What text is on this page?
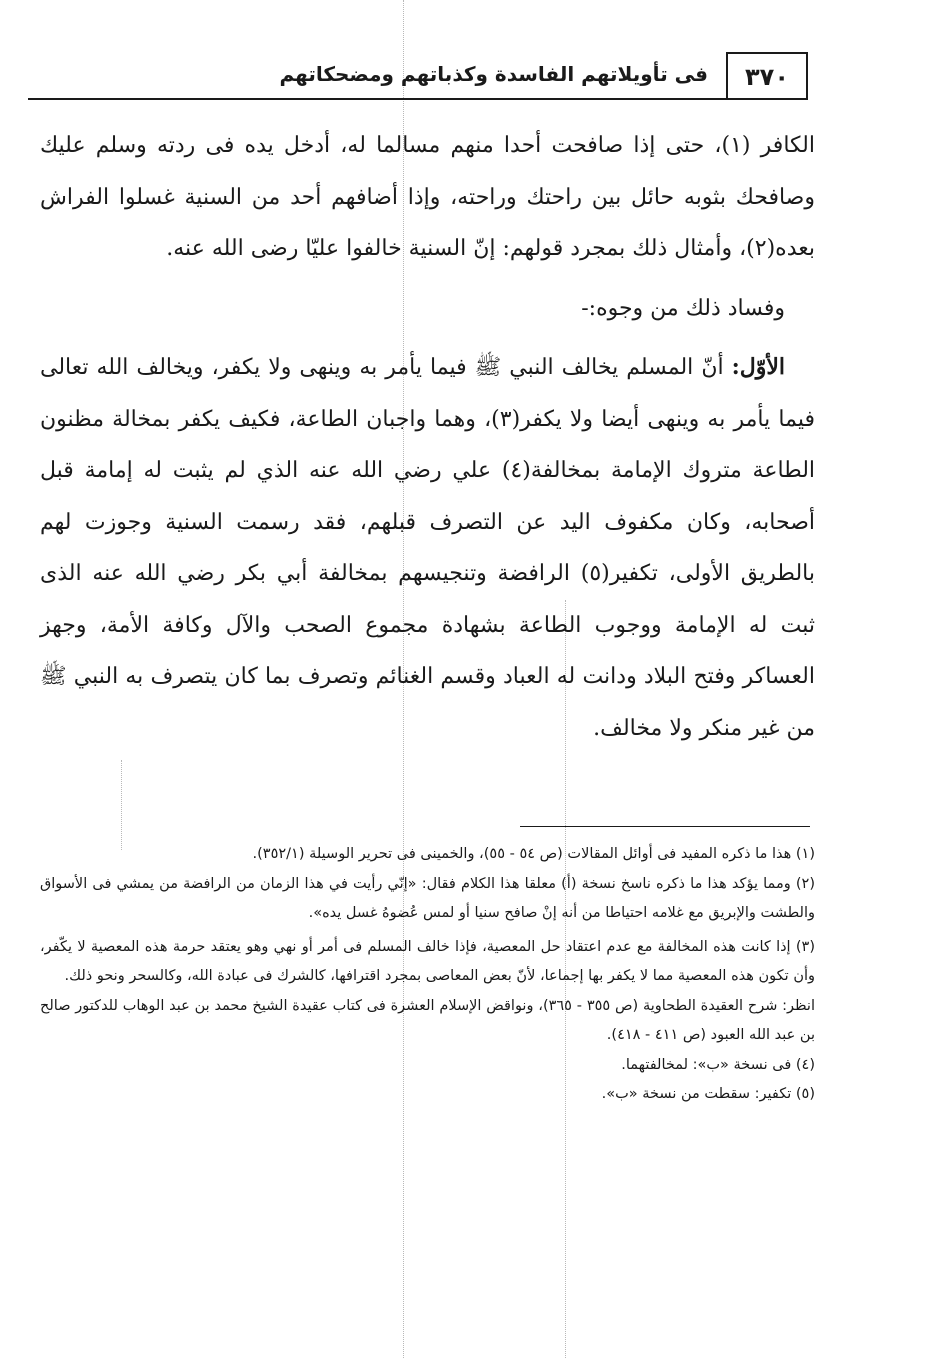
٣٧٠
فى تأويلاتهم الفاسدة وكذباتهم ومضحكاتهم

الكافر (١)، حتى إذا صافحت أحدا منهم مسالما له، أدخل يده فى ردته وسلم عليك وصافحك بثوبه حائل بين راحتك وراحته، وإذا أضافهم أحد من السنية غسلوا الفراش بعده(٢)، وأمثال ذلك بمجرد قولهم: إنّ السنية خالفوا عليّا رضى الله عنه.

وفساد ذلك من وجوه:-

الأوّل: أنّ المسلم يخالف النبي ﷺ فيما يأمر به وينهى ولا يكفر، ويخالف الله تعالى فيما يأمر به وينهى أيضا ولا يكفر(٣)، وهما واجبان الطاعة، فكيف يكفر بمخالة مظنون الطاعة متروك الإمامة بمخالفة(٤) علي رضي الله عنه الذي لم يثبت له إمامة قبل أصحابه، وكان مكفوف اليد عن التصرف قبلهم، فقد رسمت السنية وجوزت لهم بالطريق الأولى، تكفير(٥) الرافضة وتنجيسهم بمخالفة أبي بكر رضي الله عنه الذى ثبت له الإمامة ووجوب الطاعة بشهادة مجموع الصحب والآل وكافة الأمة، وجهز العساكر وفتح البلاد ودانت له العباد وقسم الغنائم وتصرف بما كان يتصرف به النبي ﷺ من غير منكر ولا مخالف.

(١) هذا ما ذكره المفيد فى أوائل المقالات (ص ٥٤ - ٥٥)، والخمينى فى تحرير الوسيلة (٣٥٢/١).

(٢) ومما يؤكد هذا ما ذكره ناسخ نسخة (أ) معلقا هذا الكلام فقال: «إنّي رأيت في هذا الزمان من الرافضة من يمشي فى الأسواق والطشت والإبريق مع غلامه احتياطا من أنه إنْ صافح سنيا أو لمس عُضوهُ غسل يده».

(٣) إذا كانت هذه المخالفة مع عدم اعتقاد حل المعصية، فإذا خالف المسلم فى أمر أو نهي وهو يعتقد حرمة هذه المعصية لا يكّفر، وأن تكون هذه المعصية مما لا يكفر بها إجماعا، لأنّ بعض المعاصى بمجرد اقترافها، كالشرك فى عبادة الله، وكالسحر ونحو ذلك.

انظر: شرح العقيدة الطحاوية (ص ٣٥٥ - ٣٦٥)، ونواقض الإسلام العشرة فى كتاب عقيدة الشيخ محمد بن عبد الوهاب للدكتور صالح بن عبد الله العبود (ص ٤١١ - ٤١٨).

(٤) فى نسخة «ب»: لمخالفتهما.

(٥) تكفير: سقطت من نسخة «ب».
